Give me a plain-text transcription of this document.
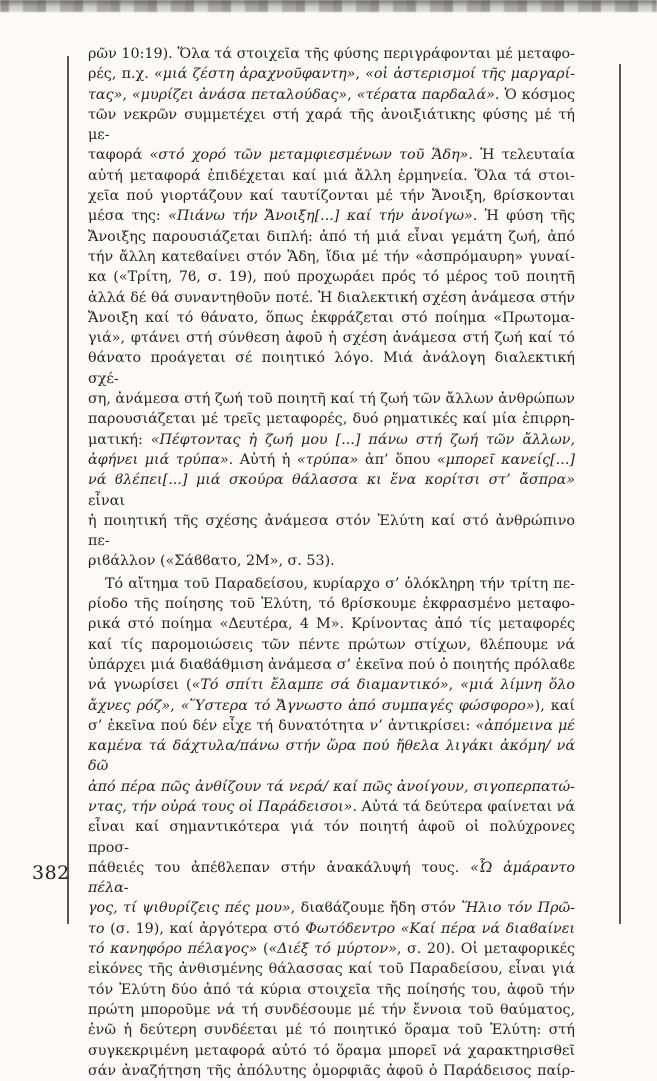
382
ρῶν 10:19). Ὅλα τά στοιχεῖα τῆς φύσης περιγράφονται μέ μεταφο-
ρές, π.χ. «μιά ζέστη ἀραχνοῦφαντη», «οἱ ἀστερισμοί τῆς μαργαρί-
τας», «μυρίζει ἀνάσα πεταλούδας», «τέρατα παρδαλά». Ὁ κόσμος
τῶν νεκρῶν συμμετέχει στή χαρά τῆς ἀνοιξιάτικης φύσης μέ τή με-
ταφορά «στό χορό τῶν μεταμφιεσμένων τοῦ Ἅδη». Ἡ τελευταία
αὐτή μεταφορά ἐπιδέχεται καί μιά ἄλλη ἑρμηνεία. Ὅλα τά στοι-
χεῖα πού γιορτάζουν καί ταυτίζονται μέ τήν Ἄνοιξη, ϐρίσκονται
μέσα της: «Πιάνω τήν Ἄνοιξη[...] καί τήν ἀνοίγω». Ἡ φύση τῆς
Ἄνοιξης παρουσιάζεται διπλή: ἀπό τή μιά εἶναι γεμάτη ζωή, ἀπό
τήν ἄλλη κατεϐαίνει στόν Ἅδη, ἴδια μέ τήν «ἀσπρόμαυρη» γυναί-
κα («Τρίτη, 7ϐ, σ. 19), πού προχωράει πρός τό μέρος τοῦ ποιητῆ
ἀλλά δέ θά συναντηθοῦν ποτέ. Ἡ διαλεκτική σχέση ἀνάμεσα στήν
Ἄνοιξη καί τό θάνατο, ὅπως ἐκφράζεται στό ποίημα «Πρωτομα-
γιά», φτάνει στή σύνθεση ἀφοῦ ἡ σχέση ἀνάμεσα στή ζωή καί τό
θάνατο προάγεται σέ ποιητικό λόγο. Μιά ἀνάλογη διαλεκτική σχέ-
ση, ἀνάμεσα στή ζωή τοῦ ποιητῆ καί τή ζωή τῶν ἄλλων ἀνθρώπων
παρουσιάζεται μέ τρεῖς μεταφορές, δυό ρηματικές καί μία ἐπιρρη-
ματική: «Πέφτοντας ἡ ζωή μου [...] πάνω στή ζωή τῶν ἄλλων,
ἀφήνει μιά τρύπα». Αὐτή ἡ «τρύπα» ἀπ’ ὅπου «μπορεῖ κανείς[...]
νά ϐλέπει[...] μιά σκούρα θάλασσα κι ἕνα κορίτσι στ’ ἄσπρα» εἶναι
ἡ ποιητική τῆς σχέσης ἀνάμεσα στόν Ἐλύτη καί στό ἀνθρώπινο πε-
ριϐάλλον («Σάϐϐατο, 2Μ», σ. 53).
Τό αἴτημα τοῦ Παραδείσου, κυρίαρχο σ’ ὁλόκληρη τήν τρίτη πε-
ρίοδο τῆς ποίησης τοῦ Ἐλύτη, τό ϐρίσκουμε ἐκφρασμένο μεταφο-
ρικά στό ποίημα «Δευτέρα, 4 Μ». Κρίνοντας ἀπό τίς μεταφορές
καί τίς παρομοιώσεις τῶν πέντε πρώτων στίχων, ϐλέπουμε νά
ὑπάρχει μιά διαϐάθμιση ἀνάμεσα σ’ ἐκεῖνα πού ὁ ποιητής πρόλαϐε
νά γνωρίσει («Τό σπίτι ἔλαμπε σά διαμαντικό», «μιά λίμνη ὅλο
ἄχνες ρόζ», «Ὕστερα τό Ἄγνωστο ἀπό συμπαγές φώσφορο»), καί
σ’ ἐκεῖνα πού δέν εἶχε τή δυνατότητα ν’ ἀντικρίσει: «ἀπόμεινα μέ
καμένα τά δάχτυλα/πάνω στήν ὥρα πού ἤθελα λιγάκι ἀκόμη/ νά δῶ
ἀπό πέρα πῶς ἀνθίζουν τά νερά/ καί πῶς ἀνοίγουν, σιγοπερπατώ-
ντας, τήν οὐρά τους οἱ Παράδεισοι». Αὐτά τά δεύτερα φαίνεται νά
εἶναι καί σημαντικότερα γιά τόν ποιητή ἀφοῦ οἱ πολύχρονες προσ-
πάθειές του ἀπέϐλεπαν στήν ἀνακάλυψή τους. «Ὦ ἀμάραντο πέλα-
γος, τί ψιθυρίζεις πές μου», διαϐάζουμε ἤδη στόν Ἥλιο τόν Πρῶ-
το (σ. 19), καί ἀργότερα στό Φωτόδεντρο «Καί πέρα νά διαϐαίνει
τό κανηφόρο πέλαγος» («Διέξ τό μύρτον», σ. 20). Οἱ μεταφορικές
εἰκόνες τῆς ἀνθισμένης θάλασσας καί τοῦ Παραδείσου, εἶναι γιά
τόν Ἐλύτη δύο ἀπό τά κύρια στοιχεῖα τῆς ποίησής του, ἀφοῦ τήν
πρώτη μποροῦμε νά τή συνδέσουμε μέ τήν ἔννοια τοῦ θαύματος,
ἐνῶ ἡ δεύτερη συνδέεται μέ τό ποιητικό ὅραμα τοῦ Ἐλύτη: στή
συγκεκριμένη μεταφορά αὐτό τό ὅραμα μπορεῖ νά χαρακτηρισθεῖ
σάν ἀναζήτηση τῆς ἀπόλυτης ὁμορφιᾶς ἀφοῦ ὁ Παράδεισος παίρ-
